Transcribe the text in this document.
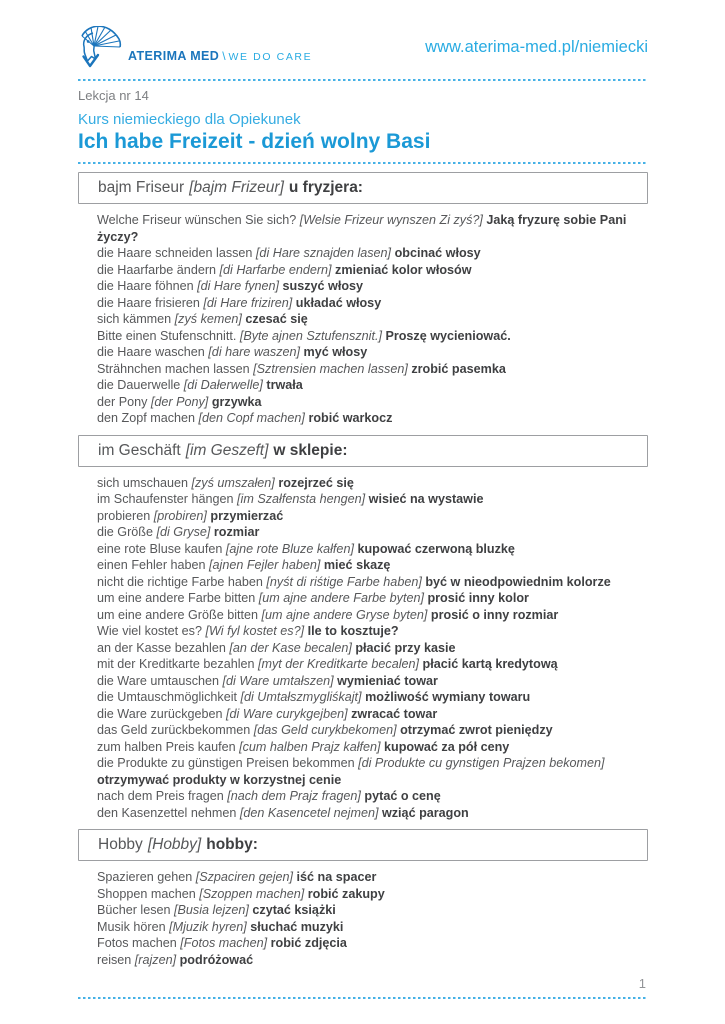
ATERIMA MED \ WE DO CARE
www.aterima-med.pl/niemiecki
Lekcja nr 14
Kurs niemieckiego dla Opiekunek
Ich habe Freizeit - dzień wolny Basi
bajm Friseur [bajm Frizeur] u fryzjera:

Welche Friseur wünschen Sie sich? [Welsie Frizeur wynszen Zi zyś?] Jaką fryzurę sobie Pani życzy?

die Haare schneiden lassen [di Hare sznajden lasen] obcinać włosy

die Haarfarbe ändern [di Harfarbe endern] zmieniać kolor włosów

die Haare föhnen [di Hare fynen] suszyć włosy

die Haare frisieren [di Hare friziren] układać włosy

sich kämmen [zyś kemen] czesać się

Bitte einen Stufenschnitt. [Byte ajnen Sztufensznit.] Proszę wycieniować.

die Haare waschen [di hare waszen] myć włosy

Strähnchen machen lassen [Sztrensien machen lassen] zrobić pasemka

die Dauerwelle [di Dałerwelle] trwała

der Pony [der Pony] grzywka

den Zopf machen [den Copf machen] robić warkocz

im Geschäft [im Geszeft] w sklepie:

sich umschauen [zyś umszałen] rozejrzeć się

im Schaufenster hängen [im Szałfensta hengen] wisieć na wystawie

probieren [probiren] przymierzać

die Größe [di Gryse] rozmiar

eine rote Bluse kaufen [ajne rote Bluze kałfen] kupować czerwoną bluzkę

einen Fehler haben [ajnen Fejler haben] mieć skazę

nicht die richtige Farbe haben [nyśt di riśtige Farbe haben] być w nieodpowiednim kolorze

um eine andere Farbe bitten [um ajne andere Farbe byten] prosić inny kolor

um eine andere Größe bitten [um ajne andere Gryse byten] prosić o inny rozmiar

Wie viel kostet es? [Wi fyl kostet es?] Ile to kosztuje?

an der Kasse bezahlen [an der Kase becalen] płacić przy kasie

mit der Kreditkarte bezahlen [myt der Kreditkarte becalen] płacić kartą kredytową

die Ware umtauschen [di Ware umtałszen] wymieniać towar

die Umtauschmöglichkeit [di Umtałszmygliśkajt] możliwość wymiany towaru

die Ware zurückgeben [di Ware curykgejben] zwracać towar

das Geld zurückbekommen [das Geld curykbekomen] otrzymać zwrot pieniędzy

zum halben Preis kaufen [cum halben Prajz kałfen] kupować za pół ceny

die Produkte zu günstigen Preisen bekommen [di Produkte cu gynstigen Prajzen bekomen] otrzymywać produkty w korzystnej cenie

nach dem Preis fragen [nach dem Prajz fragen] pytać o cenę

den Kasenzettel nehmen [den Kasencetel nejmen] wziąć paragon

Hobby [Hobby] hobby:

Spazieren gehen [Szpaciren gejen] iść na spacer

Shoppen machen [Szoppen machen] robić zakupy

Bücher lesen [Busia lejzen] czytać książki

Musik hören [Mjuzik hyren] słuchać muzyki

Fotos machen [Fotos machen] robić zdjęcia

reisen [rajzen] podróżować

1
